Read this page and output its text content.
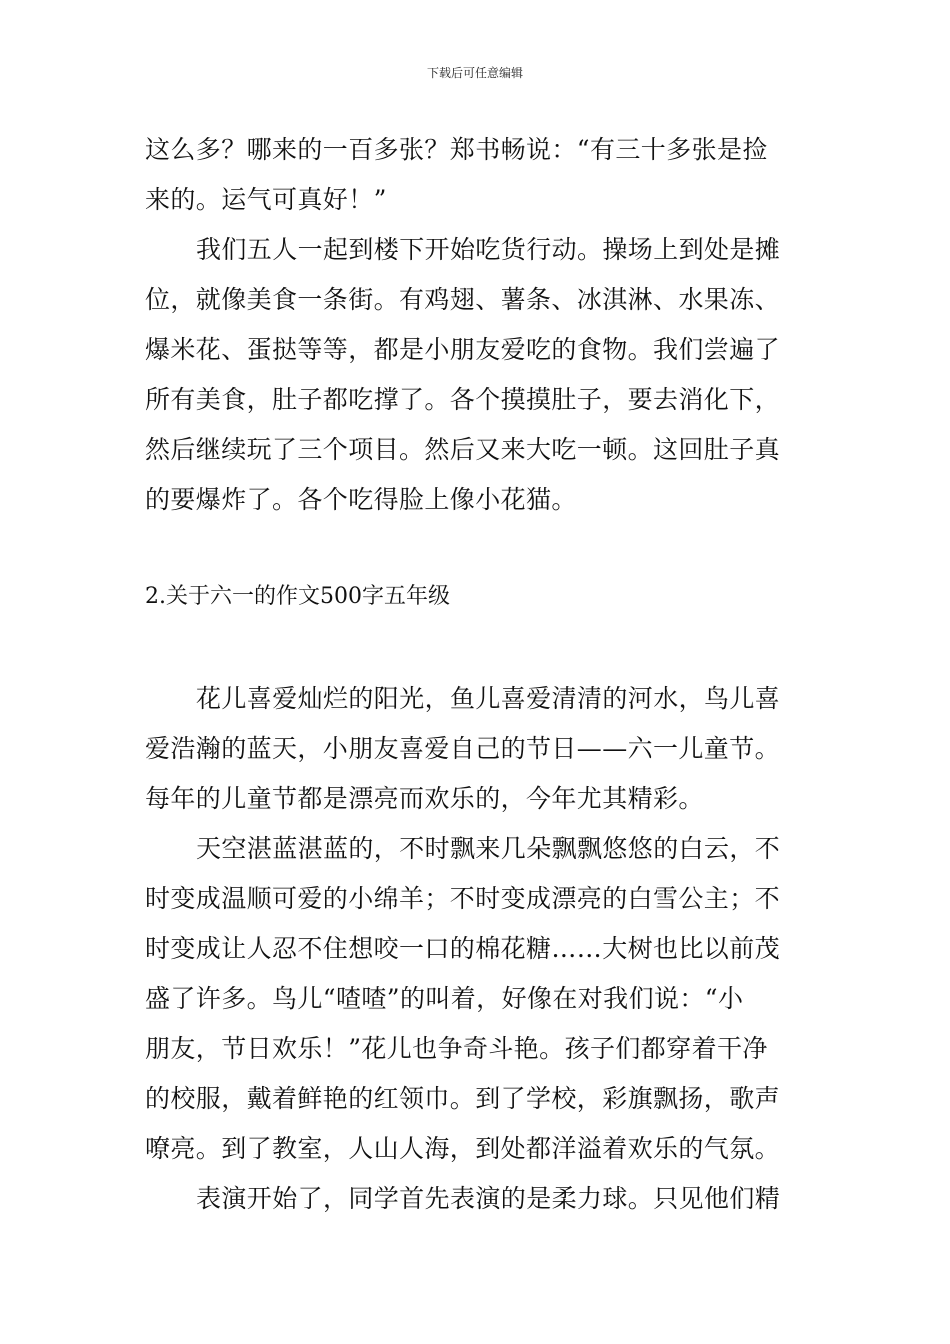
下载后可任意编辑
这么多？哪来的一百多张？郑书畅说：“有三十多张是捡
来的。运气可真好！”
我们五人一起到楼下开始吃货行动。操场上到处是摊
位，就像美食一条街。有鸡翅、薯条、冰淇淋、水果冻、
爆米花、蛋挞等等，都是小朋友爱吃的食物。我们尝遍了
所有美食，肚子都吃撑了。各个摸摸肚子，要去消化下，
然后继续玩了三个项目。然后又来大吃一顿。这回肚子真
的要爆炸了。各个吃得脸上像小花猫。
2.关于六一的作文500字五年级
花儿喜爱灿烂的阳光，鱼儿喜爱清清的河水，鸟儿喜
爱浩瀚的蓝天，小朋友喜爱自己的节日——六一儿童节。
每年的儿童节都是漂亮而欢乐的，今年尤其精彩。
天空湛蓝湛蓝的，不时飘来几朵飘飘悠悠的白云，不
时变成温顺可爱的小绵羊；不时变成漂亮的白雪公主；不
时变成让人忍不住想咬一口的棉花糖……大树也比以前茂
盛了许多。鸟儿“喳喳”的叫着，好像在对我们说：“小
朋友，节日欢乐！”花儿也争奇斗艳。孩子们都穿着干净
的校服，戴着鲜艳的红领巾。到了学校，彩旗飘扬，歌声
嘹亮。到了教室，人山人海，到处都洋溢着欢乐的气氛。
表演开始了，同学首先表演的是柔力球。只见他们精
